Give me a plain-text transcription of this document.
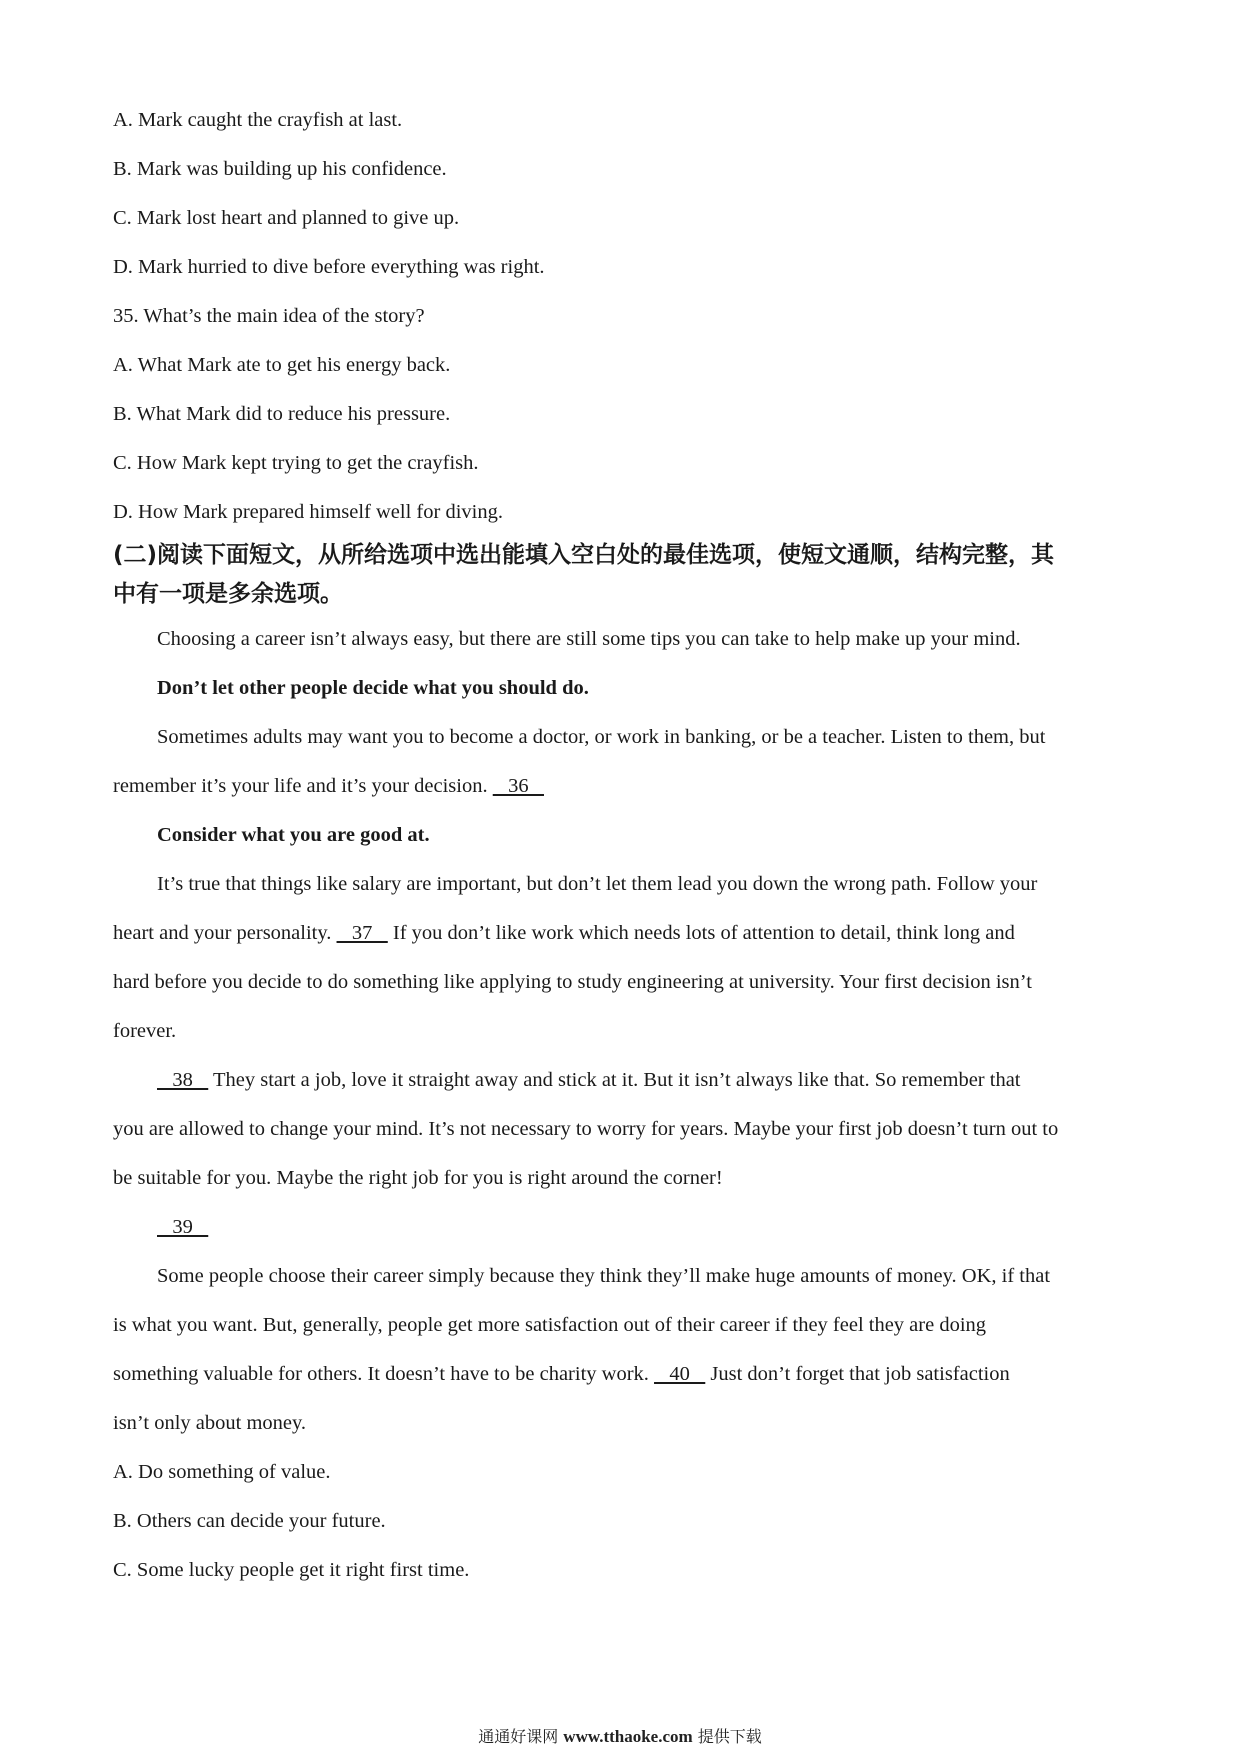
A. Mark caught the crayfish at last.
B. Mark was building up his confidence.
C. Mark lost heart and planned to give up.
D. Mark hurried to dive before everything was right.
35. What’s the main idea of the story?
A. What Mark ate to get his energy back.
B. What Mark did to reduce his pressure.
C. How Mark kept trying to get the crayfish.
D. How Mark prepared himself well for diving.
(二)阅读下面短文，从所给选项中选出能填入空白处的最佳选项，使短文通顺，结构完整，其
中有一项是多余选项。
Choosing a career isn’t always easy, but there are still some tips you can take to help make up your mind.
Don’t let other people decide what you should do.
Sometimes adults may want you to become a doctor, or work in banking, or be a teacher. Listen to them, but
remember it’s your life and it’s your decision.    36
Consider what you are good at.
It’s true that things like salary are important, but don’t let them lead you down the wrong path. Follow your
heart and your personality.    37    If you don’t like work which needs lots of attention to detail, think long and
hard before you decide to do something like applying to study engineering at university. Your first decision isn’t
forever.
38    They start a job, love it straight away and stick at it. But it isn’t always like that. So remember that
you are allowed to change your mind. It’s not necessary to worry for years. Maybe your first job doesn’t turn out to
be suitable for you. Maybe the right job for you is right around the corner!
39
Some people choose their career simply because they think they’ll make huge amounts of money. OK, if that
is what you want. But, generally, people get more satisfaction out of their career if they feel they are doing
something valuable for others. It doesn’t have to be charity work.    40    Just don’t forget that job satisfaction
isn’t only about money.
A. Do something of value.
B. Others can decide your future.
C. Some lucky people get it right first time.
通通好课网 www.tthaoke.com 提供下载
